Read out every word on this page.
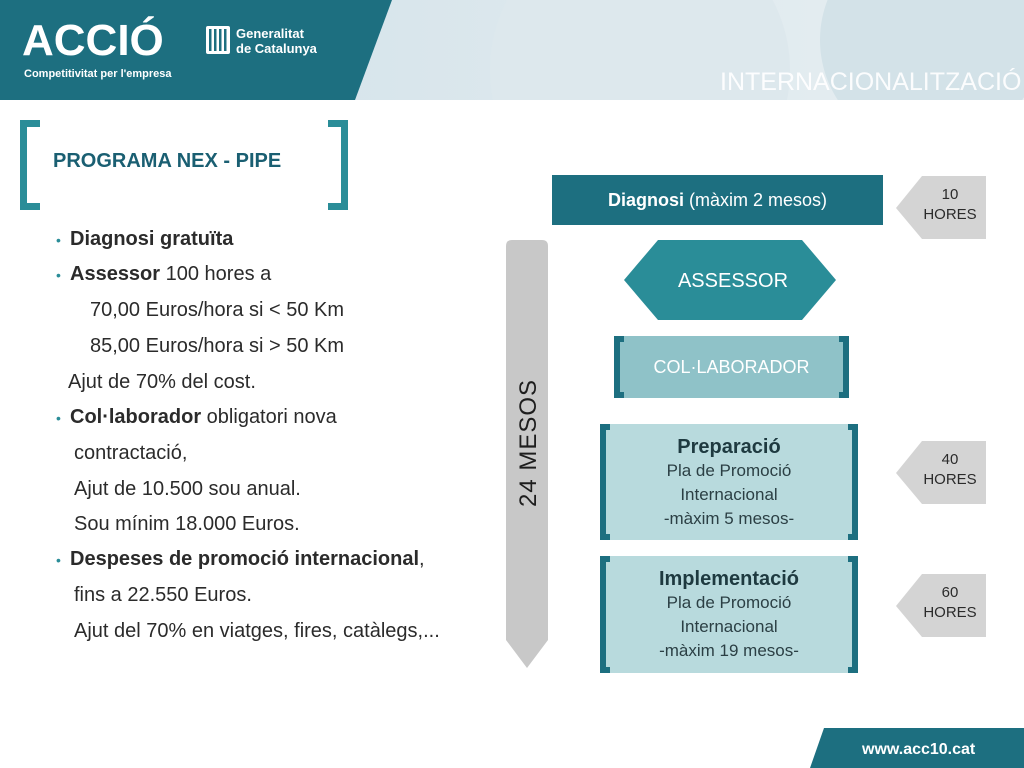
ACCIÓ
Competitivitat per l'empresa
Generalitat
de Catalunya
INTERNACIONALITZACIÓ
PROGRAMA NEX - PIPE
• Diagnosi gratuïta
• Assessor 100 hores a
70,00 Euros/hora si < 50 Km
85,00 Euros/hora si > 50 Km
Ajut de 70% del cost.
• Col·laborador obligatori nova
contractació,
Ajut de 10.500 sou anual.
Sou mínim 18.000 Euros.
• Despeses de promoció internacional,
fins a 22.550 Euros.
Ajut del 70% en viatges, fires, catàlegs,...
24 MESOS
Diagnosi (màxim 2 mesos)
ASSESSOR
COL·LABORADOR
Preparació
Pla de Promoció
Internacional
-màxim 5 mesos-
Implementació
Pla de Promoció
Internacional
-màxim 19 mesos-
10
HORES
40
HORES
60
HORES
www.acc10.cat
